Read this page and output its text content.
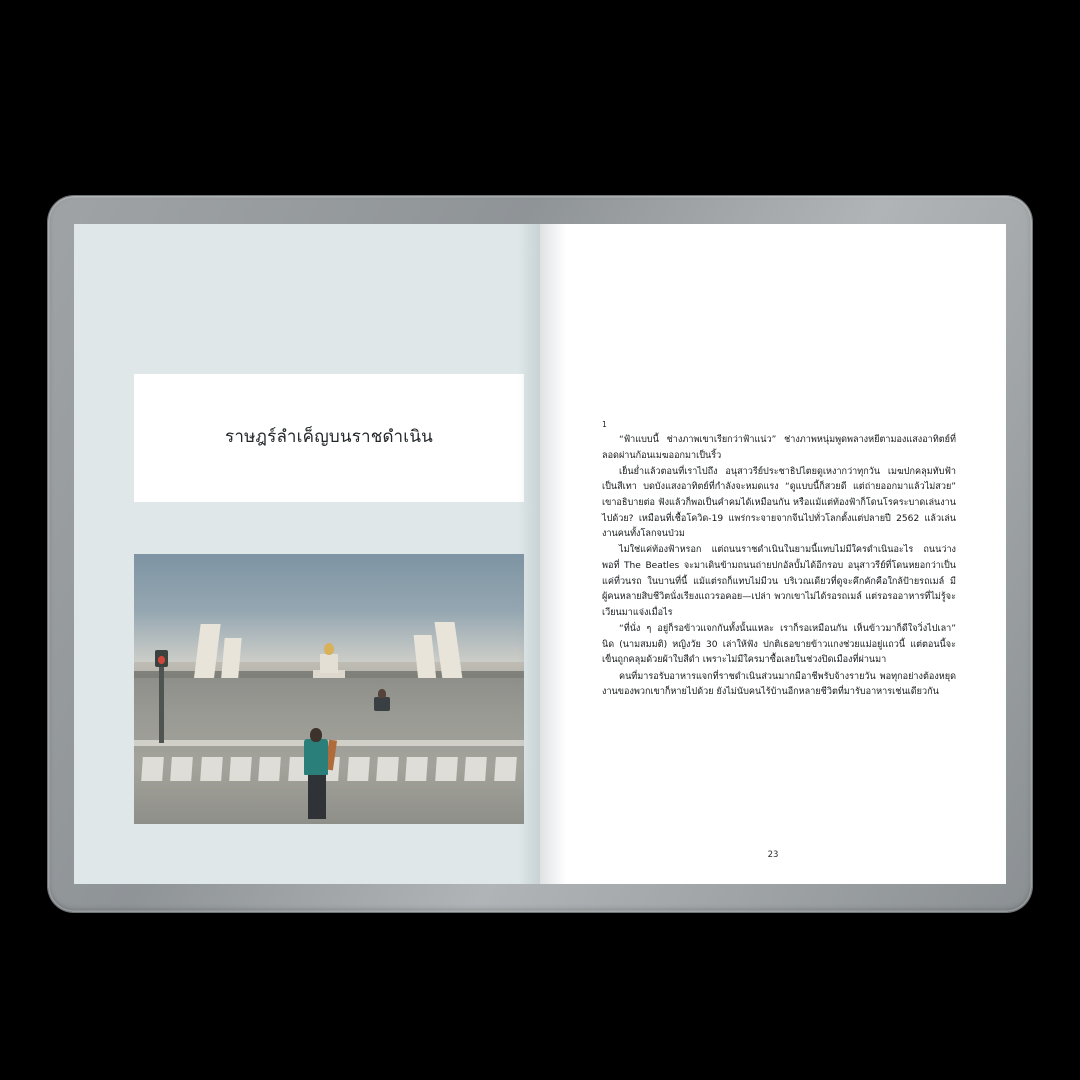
ราษฎร์ลำเค็ญบนราชดำเนิน
1

“ฟ้าแบบนี้ ช่างภาพเขาเรียกว่าฟ้าแน่ว” ช่างภาพหนุ่มพูดพลางหยีตามองแสงอาทิตย์ที่ลอดผ่านก้อนเมฆออกมาเป็นริ้ว

เย็นย่ำแล้วตอนที่เราไปถึง อนุสาวรีย์ประชาธิปไตยดูเหงากว่าทุกวัน เมฆปกคลุมทับฟ้าเป็นสีเทา บดบังแสงอาทิตย์ที่กำลังจะหมดแรง “ดูแบบนี้ก็สวยดี แต่ถ่ายออกมาแล้วไม่สวย” เขาอธิบายต่อ ฟังแล้วก็พอเป็นคำคมได้เหมือนกัน หรือแม้แต่ท้องฟ้าก็โดนโรคระบาดเล่นงานไปด้วย? เหมือนที่เชื้อโควิด-19 แพร่กระจายจากจีนไปทั่วโลกตั้งแต่ปลายปี 2562 แล้วเล่นงานคนทั้งโลกจนป่วม

ไม่ใช่แค่ท้องฟ้าหรอก แต่ถนนราชดำเนินในยามนี้แทบไม่มีใครดำเนินอะไร ถนนว่างพอที่ The Beatles จะมาเดินข้ามถนนถ่ายปกอัลบั้มได้อีกรอบ อนุสาวรีย์ที่โดนหยอกว่าเป็นแค่ที่วนรถ ในบานที่นี้ แม้แต่รถก็แทบไม่มีวน บริเวณเดียวที่ดูจะคึกคักคือใกล้ป้ายรถเมล์ มีผู้คนหลายสิบชีวิตนั่งเรียงแถวรอคอย—เปล่า พวกเขาไม่ได้รอรถเมล์ แต่รอรออาหารที่ไม่รู้จะเวียนมาแจ่งเมื่อไร

“ที่นั่ง ๆ อยู่ก็รอข้าวแจกกันทั้งนั้นแหละ เราก็รอเหมือนกัน เห็นข้าวมาก็ดีใจวิ่งไปเลา” นิด (นามสมมติ) หญิงวัย 30 เล่าให้ฟัง ปกติเธอขายข้าวแกงช่วยแม่อยู่แถวนี้ แต่ตอนนี้จะเข็นถูกคลุมด้วยผ้าใบสีดำ เพราะไม่มีใครมาซื้อเลยในช่วงปิดเมืองที่ผ่านมา

คนที่มารอรับอาหารแจกที่ราชดำเนินส่วนมากมีอาชีพรับจ้างรายวัน พอทุกอย่างต้องหยุด งานของพวกเขาก็หายไปด้วย ยังไม่นับคนไร้บ้านอีกหลายชีวิตที่มารับอาหารเช่นเดียวกัน

23
